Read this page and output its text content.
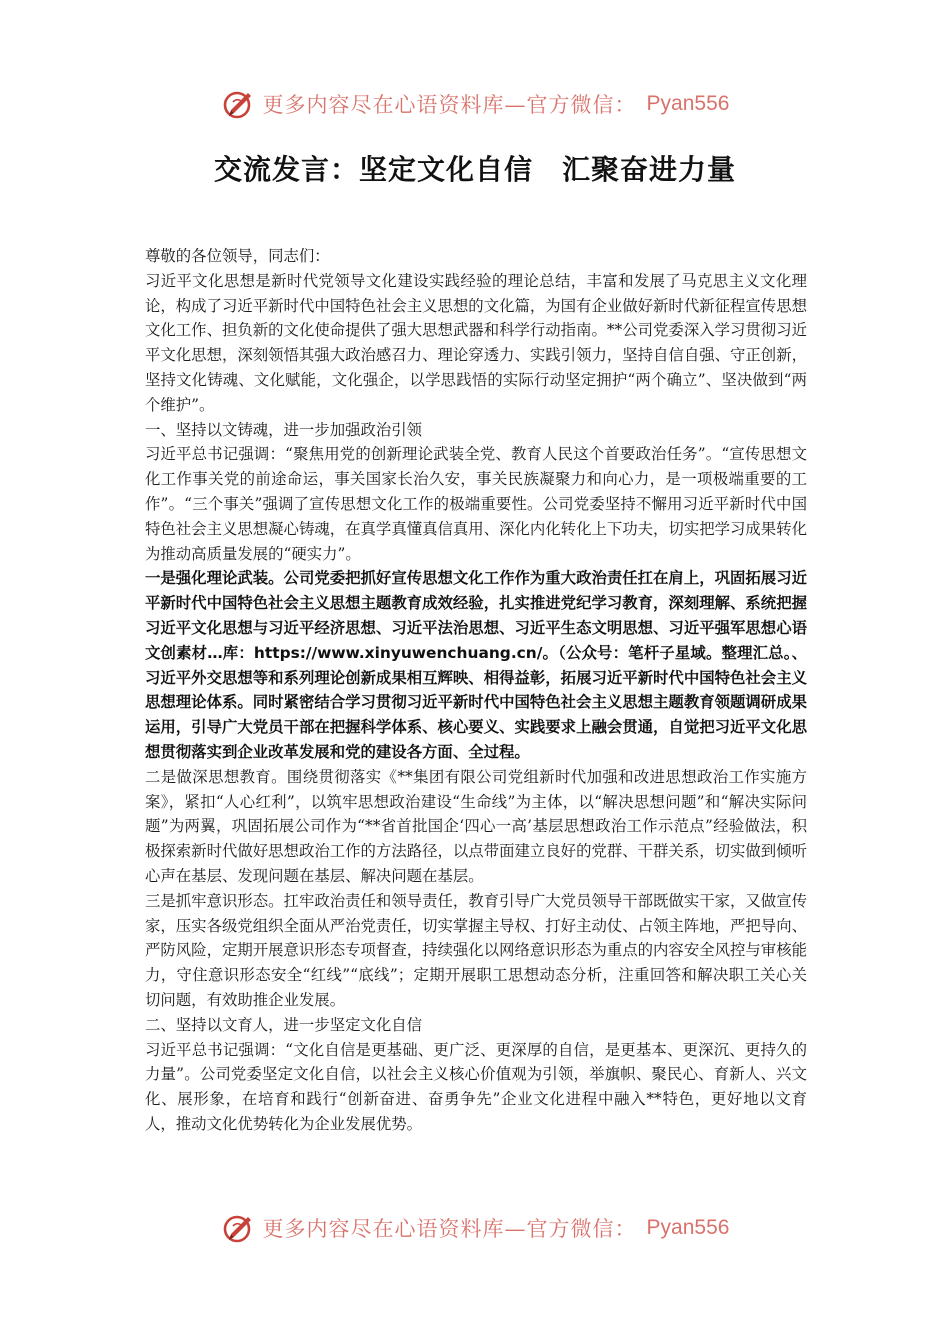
更多内容尽在心语资料库—官方微信： Pyan556
交流发言：坚定文化自信　汇聚奋进力量

尊敬的各位领导，同志们：

习近平文化思想是新时代党领导文化建设实践经验的理论总结，丰富和发展了马克思主义文化理论，构成了习近平新时代中国特色社会主义思想的文化篇，为国有企业做好新时代新征程宣传思想文化工作、担负新的文化使命提供了强大思想武器和科学行动指南。**公司党委深入学习贯彻习近平文化思想，深刻领悟其强大政治感召力、理论穿透力、实践引领力，坚持自信自强、守正创新，坚持文化铸魂、文化赋能，文化强企，以学思践悟的实际行动坚定拥护“两个确立”、坚决做到“两个维护”。

一、坚持以文铸魂，进一步加强政治引领

习近平总书记强调：“聚焦用党的创新理论武装全党、教育人民这个首要政治任务”。“宣传思想文化工作事关党的前途命运，事关国家长治久安，事关民族凝聚力和向心力，是一项极端重要的工作”。“三个事关”强调了宣传思想文化工作的极端重要性。公司党委坚持不懈用习近平新时代中国特色社会主义思想凝心铸魂，在真学真懂真信真用、深化内化转化上下功夫，切实把学习成果转化为推动高质量发展的“硬实力”。

一是强化理论武装。公司党委把抓好宣传思想文化工作作为重大政治责任扛在肩上，巩固拓展习近平新时代中国特色社会主义思想主题教育成效经验，扎实推进党纪学习教育，深刻理解、系统把握习近平文化思想与习近平经济思想、习近平法治思想、习近平生态文明思想、习近平强军思想心语文创素材…库：https://www.xinyuwenchuang.cn/。（公众号：笔杆子星域。整理汇总。、习近平外交思想等和系列理论创新成果相互辉映、相得益彰，拓展习近平新时代中国特色社会主义思想理论体系。同时紧密结合学习贯彻习近平新时代中国特色社会主义思想主题教育领题调研成果运用，引导广大党员干部在把握科学体系、核心要义、实践要求上融会贯通，自觉把习近平文化思想贯彻落实到企业改革发展和党的建设各方面、全过程。

二是做深思想教育。围绕贯彻落实《**集团有限公司党组新时代加强和改进思想政治工作实施方案》，紧扣“人心红利”，以筑牢思想政治建设“生命线”为主体，以“解决思想问题”和“解决实际问题”为两翼，巩固拓展公司作为“**省首批国企‘四心一高’基层思想政治工作示范点”经验做法，积极探索新时代做好思想政治工作的方法路径，以点带面建立良好的党群、干群关系，切实做到倾听心声在基层、发现问题在基层、解决问题在基层。

三是抓牢意识形态。扛牢政治责任和领导责任，教育引导广大党员领导干部既做实干家，又做宣传家，压实各级党组织全面从严治党责任，切实掌握主导权、打好主动仗、占领主阵地，严把导向、严防风险，定期开展意识形态专项督查，持续强化以网络意识形态为重点的内容安全风控与审核能力，守住意识形态安全“红线”“底线”；定期开展职工思想动态分析，注重回答和解决职工关心关切问题，有效助推企业发展。

二、坚持以文育人，进一步坚定文化自信

习近平总书记强调：“文化自信是更基础、更广泛、更深厚的自信，是更基本、更深沉、更持久的力量”。公司党委坚定文化自信，以社会主义核心价值观为引领，举旗帜、聚民心、育新人、兴文化、展形象，在培育和践行“创新奋进、奋勇争先”企业文化进程中融入**特色，更好地以文育人，推动文化优势转化为企业发展优势。

更多内容尽在心语资料库—官方微信： Pyan556
